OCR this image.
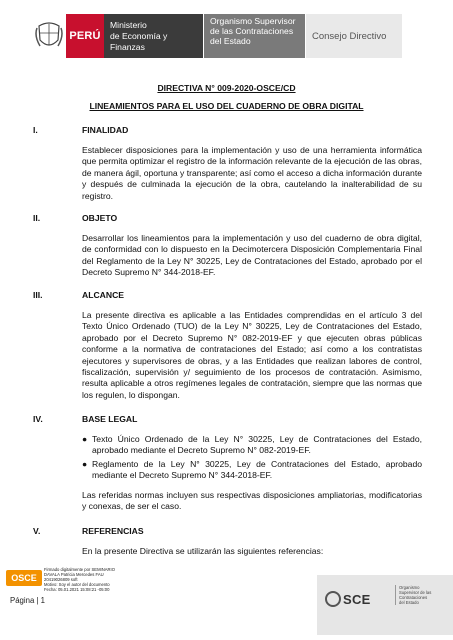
PERÚ
Ministerio
de Economía y Finanzas
Organismo Supervisor
de las Contrataciones
del Estado	Consejo Directivo
DIRECTIVA N° 009-2020-OSCE/CD
LINEAMIENTOS PARA EL USO DEL CUADERNO DE OBRA DIGITAL
I.	FINALIDAD
Establecer disposiciones para la implementación y uso de una herramienta informática que permita optimizar el registro de la información relevante de la ejecución de las obras, de manera ágil, oportuna y transparente; así como el acceso a dicha información durante y después de culminada la ejecución de la obra, cautelando la inalterabilidad de su registro.
II.	OBJETO
Desarrollar los lineamientos para la implementación y uso del cuaderno de obra digital, de conformidad con lo dispuesto en la Decimotercera Disposición Complementaria Final del Reglamento de la Ley N° 30225, Ley de Contrataciones del Estado, aprobado por el Decreto Supremo N° 344-2018-EF.
III.	ALCANCE
La presente directiva es aplicable a las Entidades comprendidas en el artículo 3 del Texto Único Ordenado (TUO) de la Ley N° 30225, Ley de Contrataciones del Estado, aprobado por el Decreto Supremo N° 082-2019-EF y que ejecuten obras públicas conforme a la normativa de contrataciones del Estado; así como a los contratistas ejecutores y supervisores de obras, y a las Entidades que realizan labores de control, fiscalización, supervisión y/ seguimiento de los procesos de contratación. Asimismo, resulta aplicable a otros regímenes legales de contratación, siempre que las normas que los regulen, lo dispongan.
IV.	BASE LEGAL
● Texto Único Ordenado de la Ley N° 30225, Ley de Contrataciones del Estado, aprobado mediante el Decreto Supremo N° 082-2019-EF.
● Reglamento de la Ley N° 30225, Ley de Contrataciones del Estado, aprobado mediante el Decreto Supremo N° 344-2018-EF.
Las referidas normas incluyen sus respectivas disposiciones ampliatorias, modificatorias y conexas, de ser el caso.
V.	REFERENCIAS
En la presente Directiva se utilizarán las siguientes referencias:
OSCE
Firmado digitalmente por SEMINARIO
DAVALA Patricia Mercedes FAU
20419026809 soft
Motivo: Soy el autor del documento
Fecha: 05.01.2021 15:08:21 -05:00
Página | 1	SCE
Organismo
Supervisor de las
Contrataciones
del Estado
